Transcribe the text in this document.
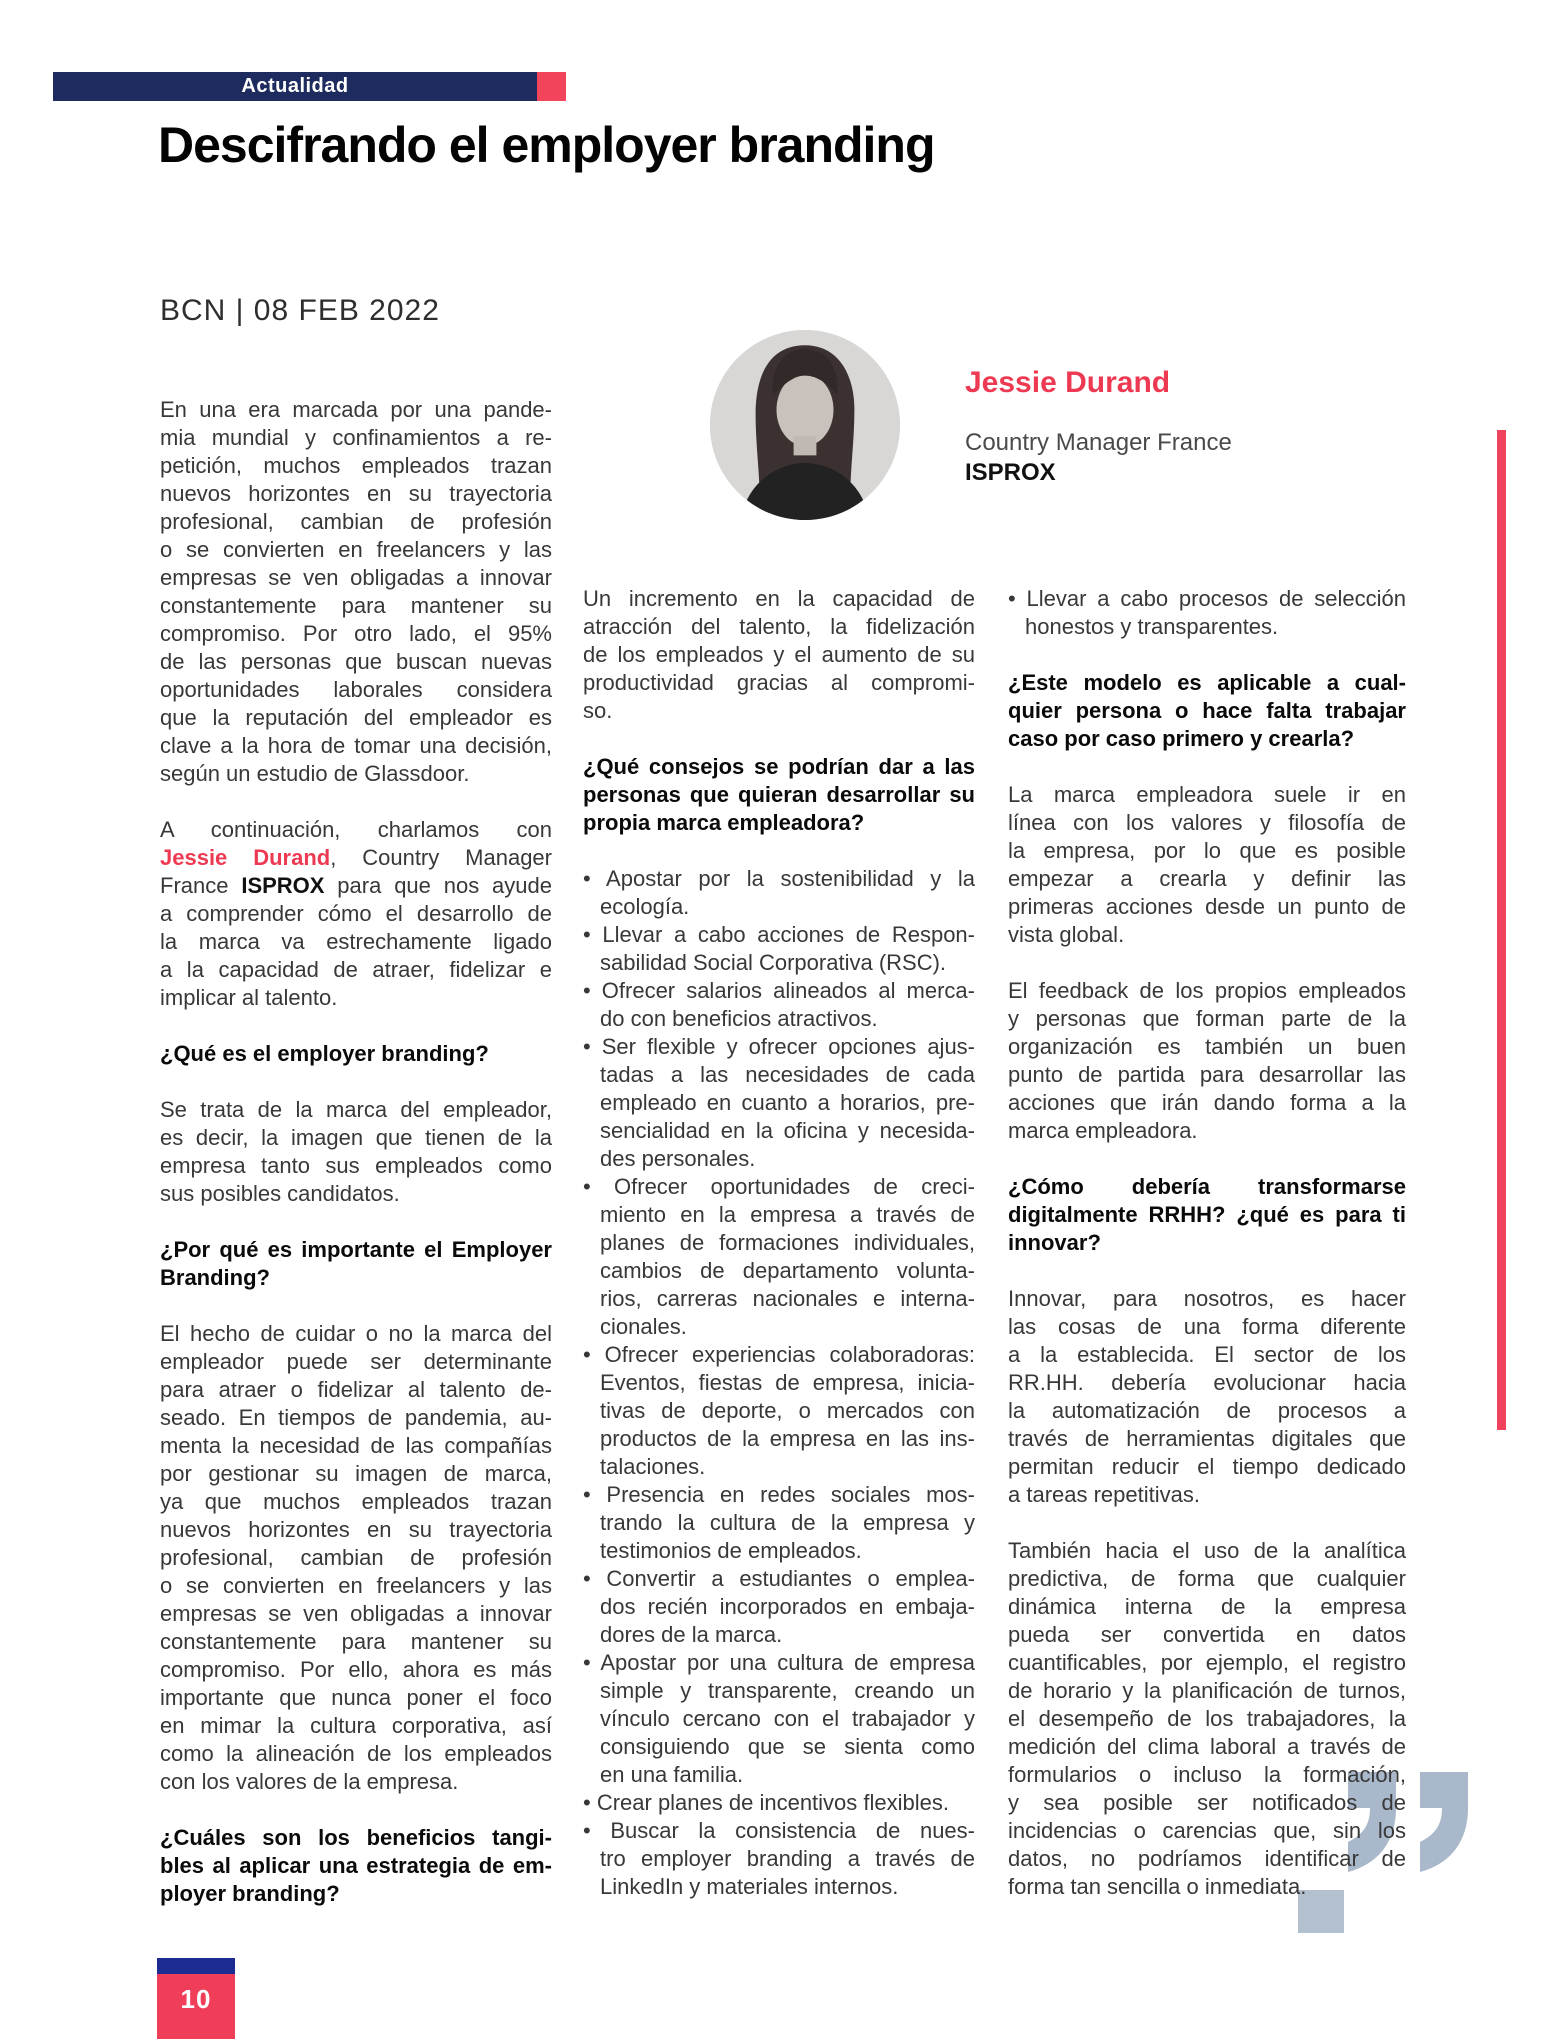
Actualidad
Descifrando el employer branding
BCN | 08 FEB 2022
Jessie Durand
Country Manager France
ISPROX
En una era marcada por una pande-
mia mundial y confinamientos a re-
petición, muchos empleados trazan
nuevos horizontes en su trayectoria
profesional, cambian de profesión
o se convierten en freelancers y las
empresas se ven obligadas a innovar
constantemente para mantener su
compromiso. Por otro lado, el 95%
de las personas que buscan nuevas
oportunidades laborales considera
que la reputación del empleador es
clave a la hora de tomar una decisión,
según un estudio de Glassdoor.
A continuación, charlamos con
Jessie Durand, Country Manager
France ISPROX para que nos ayude
a comprender cómo el desarrollo de
la marca va estrechamente ligado
a la capacidad de atraer, fidelizar e
implicar al talento.
¿Qué es el employer branding?
Se trata de la marca del empleador,
es decir, la imagen que tienen de la
empresa tanto sus empleados como
sus posibles candidatos.
¿Por qué es importante el Employer
Branding?
El hecho de cuidar o no la marca del
empleador puede ser determinante
para atraer o fidelizar al talento de-
seado. En tiempos de pandemia, au-
menta la necesidad de las compañías
por gestionar su imagen de marca,
ya que muchos empleados trazan
nuevos horizontes en su trayectoria
profesional, cambian de profesión
o se convierten en freelancers y las
empresas se ven obligadas a innovar
constantemente para mantener su
compromiso. Por ello, ahora es más
importante que nunca poner el foco
en mimar la cultura corporativa, así
como la alineación de los empleados
con los valores de la empresa.
¿Cuáles son los beneficios tangi-
bles al aplicar una estrategia de em-
ployer branding?
Un incremento en la capacidad de
atracción del talento, la fidelización
de los empleados y el aumento de su
productividad gracias al compromi-
so.
¿Qué consejos se podrían dar a las
personas que quieran desarrollar su
propia marca empleadora?
• Apostar por la sostenibilidad y la
ecología.
• Llevar a cabo acciones de Respon-
sabilidad Social Corporativa (RSC).
• Ofrecer salarios alineados al merca-
do con beneficios atractivos.
• Ser flexible y ofrecer opciones ajus-
tadas a las necesidades de cada
empleado en cuanto a horarios, pre-
sencialidad en la oficina y necesida-
des personales.
• Ofrecer oportunidades de creci-
miento en la empresa a través de
planes de formaciones individuales,
cambios de departamento volunta-
rios, carreras nacionales e interna-
cionales.
• Ofrecer experiencias colaboradoras:
Eventos, fiestas de empresa, inicia-
tivas de deporte, o mercados con
productos de la empresa en las ins-
talaciones.
• Presencia en redes sociales mos-
trando la cultura de la empresa y
testimonios de empleados.
• Convertir a estudiantes o emplea-
dos recién incorporados en embaja-
dores de la marca.
• Apostar por una cultura de empresa
simple y transparente, creando un
vínculo cercano con el trabajador y
consiguiendo que se sienta como
en una familia.
• Crear planes de incentivos flexibles.
• Buscar la consistencia de nues-
tro employer branding a través de
LinkedIn y materiales internos.
• Llevar a cabo procesos de selección
honestos y transparentes.
¿Este modelo es aplicable a cual-
quier persona o hace falta trabajar
caso por caso primero y crearla?
La marca empleadora suele ir en
línea con los valores y filosofía de
la empresa, por lo que es posible
empezar a crearla y definir las
primeras acciones desde un punto de
vista global.
El feedback de los propios empleados
y personas que forman parte de la
organización es también un buen
punto de partida para desarrollar las
acciones que irán dando forma a la
marca empleadora.
¿Cómo debería transformarse
digitalmente RRHH? ¿qué es para ti
innovar?
Innovar, para nosotros, es hacer
las cosas de una forma diferente
a la establecida. El sector de los
RR.HH. debería evolucionar hacia
la automatización de procesos a
través de herramientas digitales que
permitan reducir el tiempo dedicado
a tareas repetitivas.
También hacia el uso de la analítica
predictiva, de forma que cualquier
dinámica interna de la empresa
pueda ser convertida en datos
cuantificables, por ejemplo, el registro
de horario y la planificación de turnos,
el desempeño de los trabajadores, la
medición del clima laboral a través de
formularios o incluso la formación,
y sea posible ser notificados de
incidencias o carencias que, sin los
datos, no podríamos identificar de
forma tan sencilla o inmediata.
10
